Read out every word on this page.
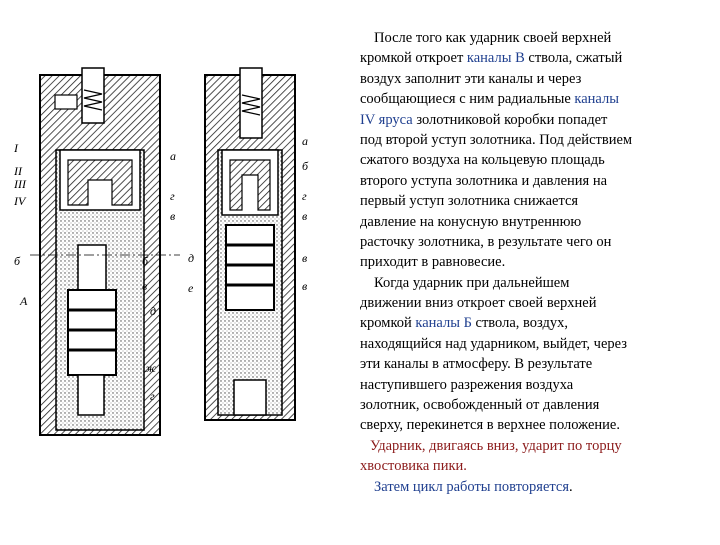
I
II
III
IV
б
А
а
г
в
б
в
д
ж
г
д
е
а
б
г
в
в
в
После того как ударник своей верхней
кромкой откроет каналы В ствола, сжатый
воздух заполнит эти каналы и через
сообщающиеся с ним радиальные каналы
IV яруса золотниковой коробки попадет
под второй уступ золотника. Под действием
сжатого воздуха на кольцевую площадь
второго уступа золотника и давления на
первый уступ золотника снижается
давление на конусную внутреннюю
расточку золотника, в результате чего он
приходит в равновесие.
Когда ударник при дальнейшем
движении вниз откроет своей верхней
кромкой каналы Б ствола, воздух,
находящийся над ударником, выйдет, через
эти каналы в атмосферу. В результате
наступившего разрежения воздуха
золотник, освобожденный от давления
сверху, перекинется в верхнее положение.
Ударник, двигаясь вниз, ударит по торцу
хвостовика пики.
Затем цикл работы повторяется.
